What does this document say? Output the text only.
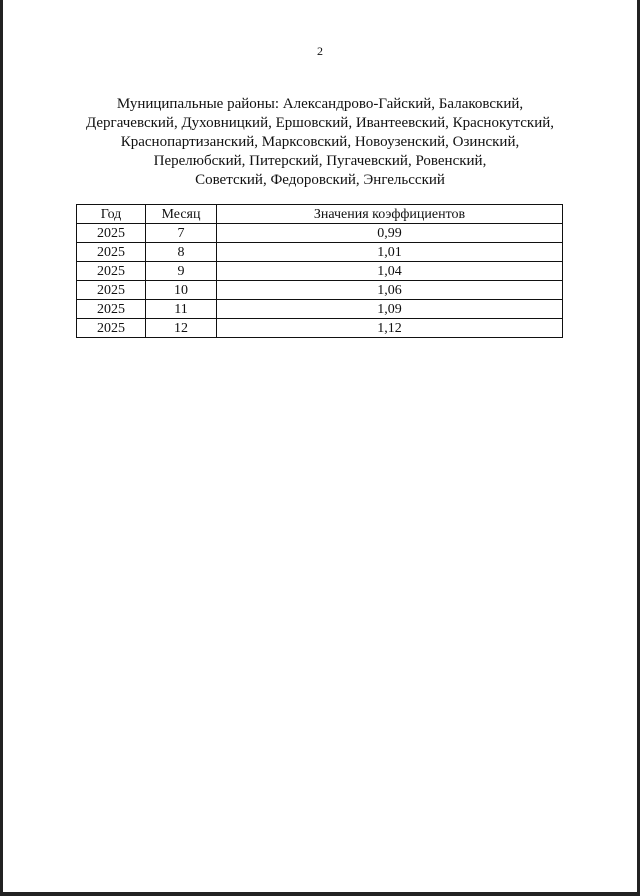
2
Муниципальные районы: Александрово-Гайский, Балаковский,
Дергачевский, Духовницкий, Ершовский, Ивантеевский, Краснокутский,
Краснопартизанский, Марксовский, Новоузенский, Озинский,
Перелюбский, Питерский, Пугачевский, Ровенский,
Советский, Федоровский, Энгельсский
Год	Месяц	Значения коэффициентов
2025	7	0,99
2025	8	1,01
2025	9	1,04
2025	10	1,06
2025	11	1,09
2025	12	1,12
